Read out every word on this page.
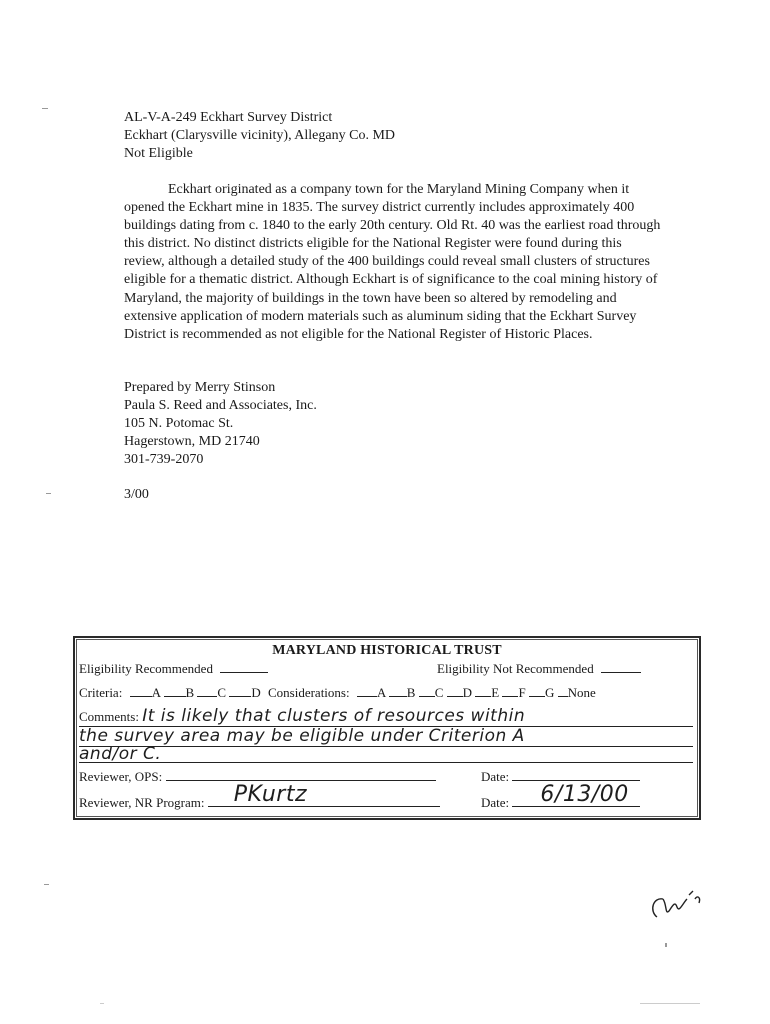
AL-V-A-249 Eckhart Survey District
Eckhart (Clarysville vicinity), Allegany Co. MD
Not Eligible
Eckhart originated as a company town for the Maryland Mining Company when it opened the Eckhart mine in 1835. The survey district currently includes approximately 400 buildings dating from c. 1840 to the early 20th century. Old Rt. 40 was the earliest road through this district. No distinct districts eligible for the National Register were found during this review, although a detailed study of the 400 buildings could reveal small clusters of structures eligible for a thematic district. Although Eckhart is of significance to the coal mining history of Maryland, the majority of buildings in the town have been so altered by remodeling and extensive application of modern materials such as aluminum siding that the Eckhart Survey District is recommended as not eligible for the National Register of Historic Places.
Prepared by Merry Stinson
Paula S. Reed and Associates, Inc.
105 N. Potomac St.
Hagerstown, MD 21740
301-739-2070
3/00
MARYLAND HISTORICAL TRUST
Eligibility Recommended	Eligibility Not Recommended
Criteria: A B C D Considerations: A B C D E F G None
Comments: It is likely that clusters of resources within
the survey area may be eligible under Criterion A
and/or C.
Reviewer, OPS:	Date:
Reviewer, NR Program: PKurtz	Date: 6/13/00
